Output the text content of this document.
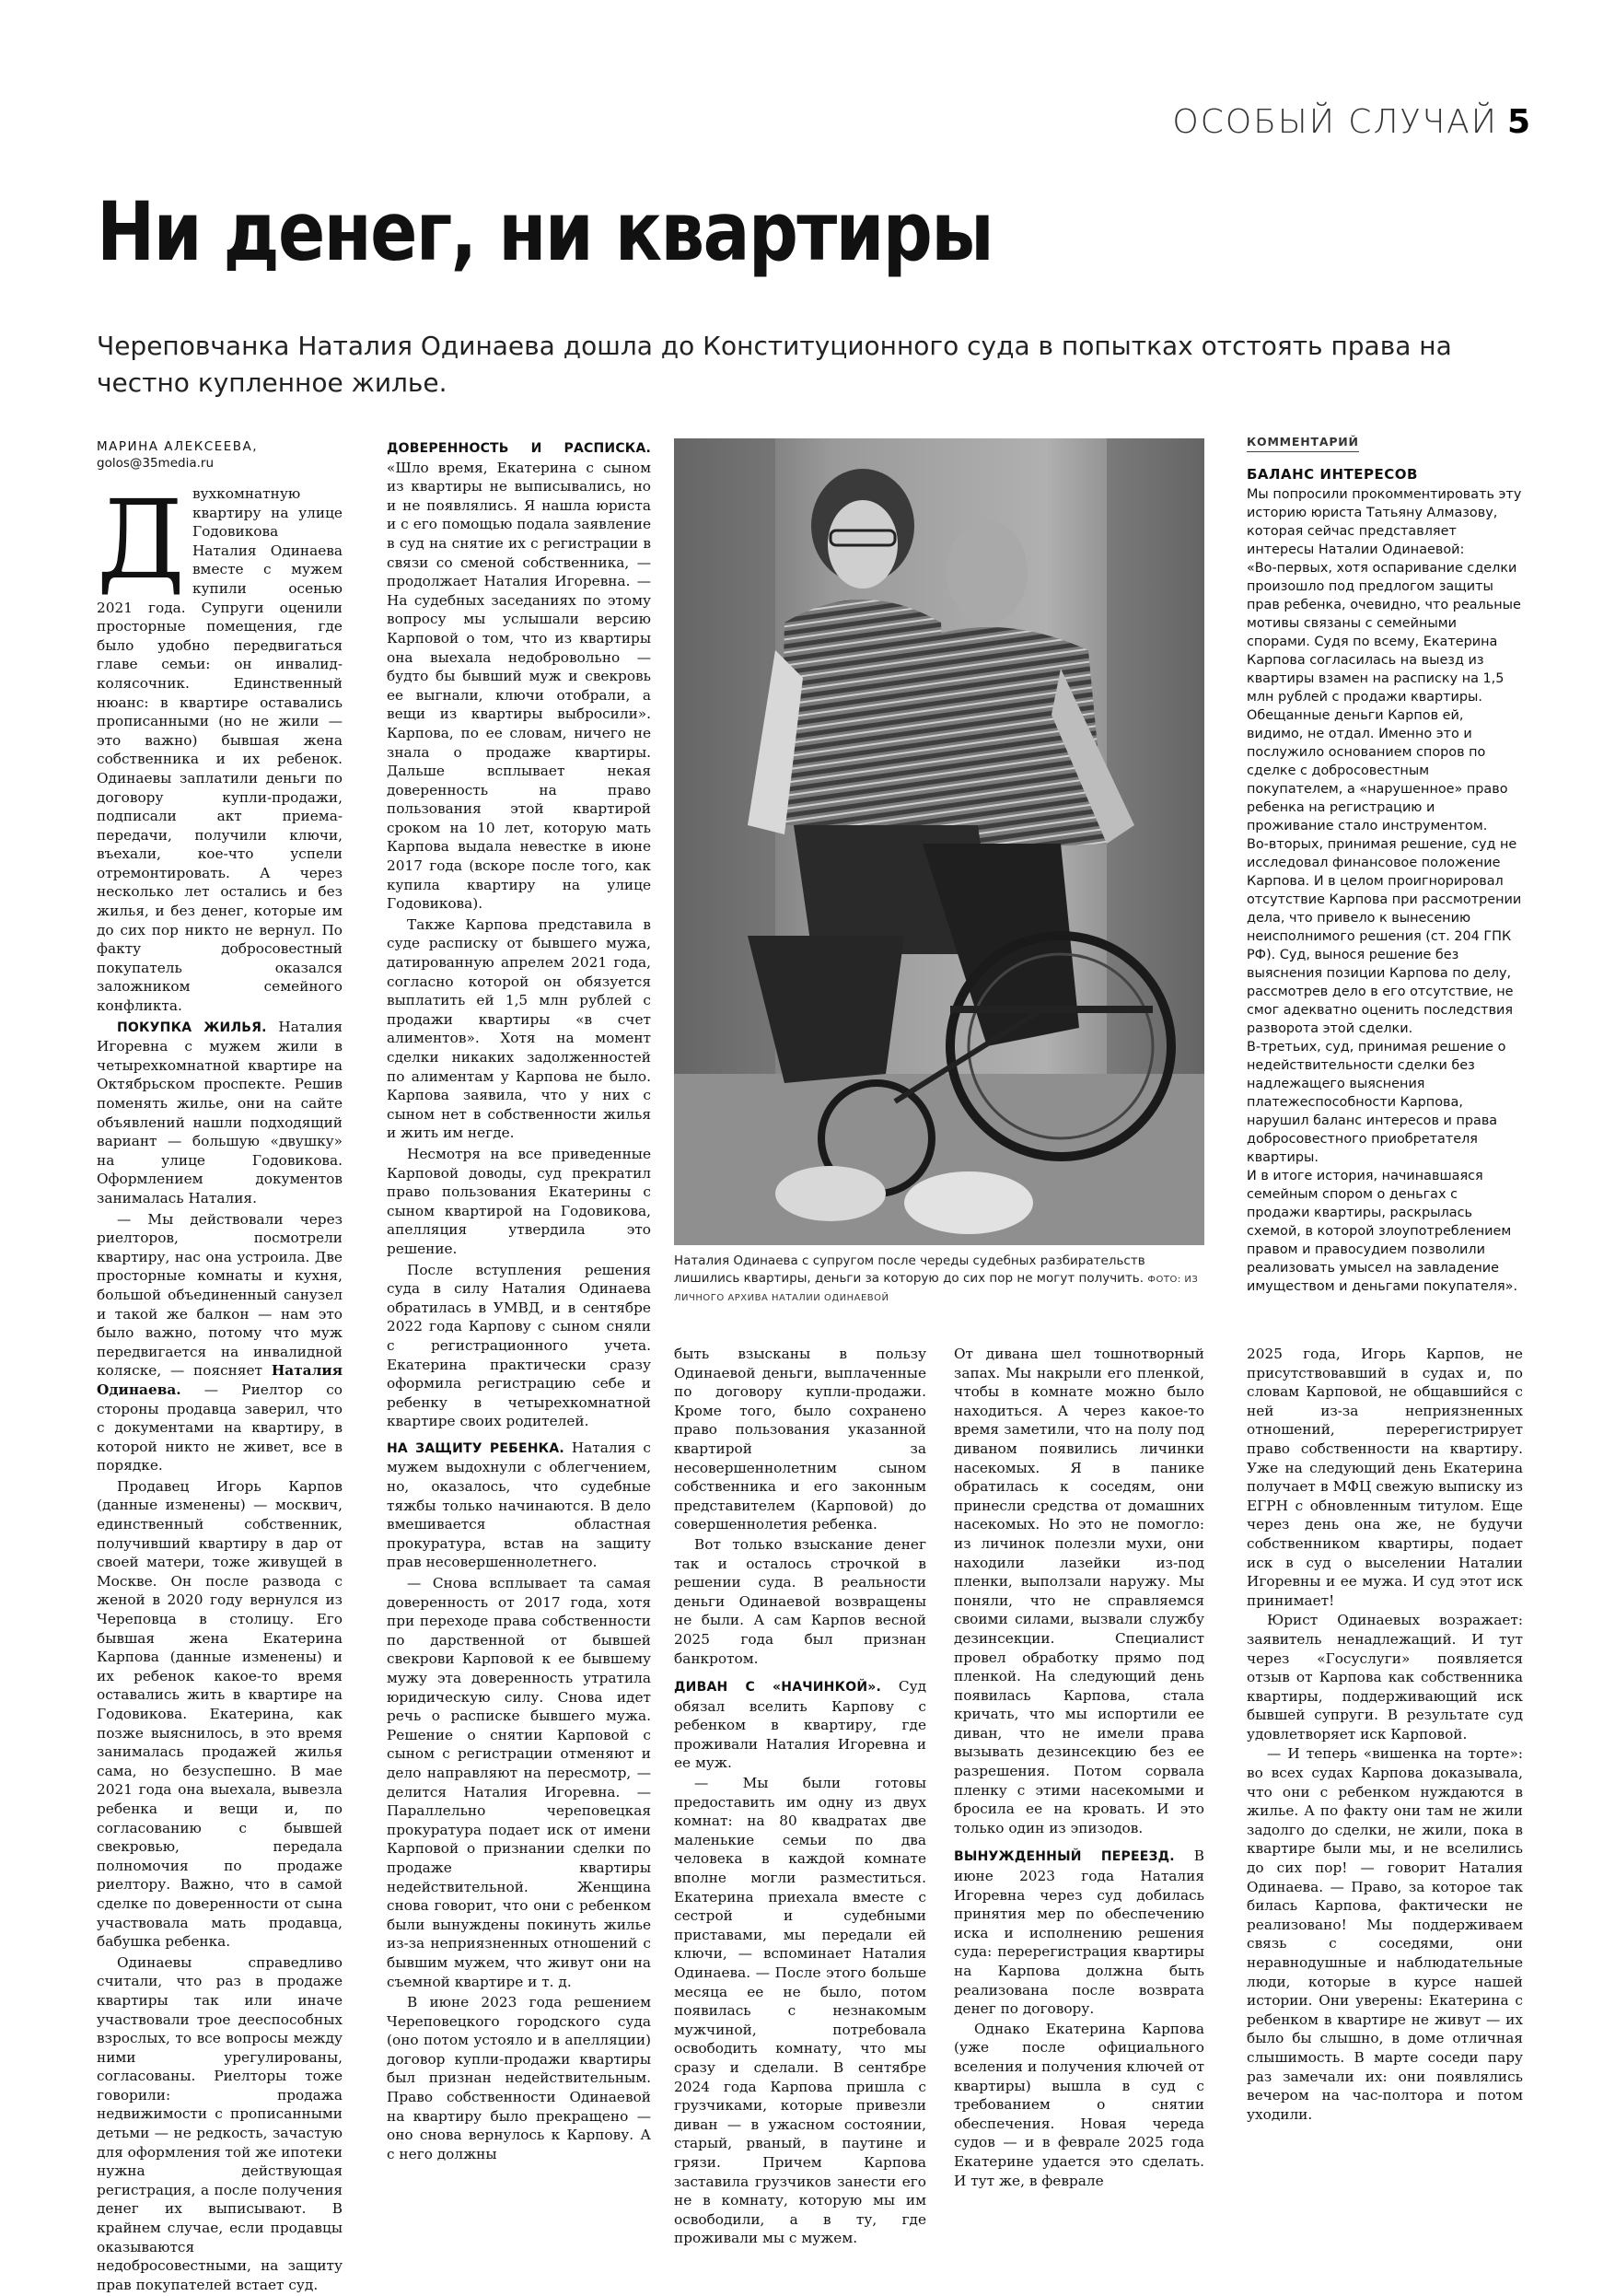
ОСОБЫЙ СЛУЧАЙ 5
Ни денег, ни квартиры

Череповчанка Наталия Одинаева дошла до Конституционного суда в попытках отстоять права на честно купленное жилье.

МАРИНА АЛЕКСЕЕВА,
golos@35media.ru

Двухкомнатную квартиру на улице Годовикова Наталия Одинаева вместе с мужем купили осенью 2021 года. Супруги оценили просторные помещения, где было удобно передвигаться главе семьи: он инвалид-колясочник. Единственный нюанс: в квартире оставались прописанными (но не жили — это важно) бывшая жена собственника и их ребенок. Одинаевы заплатили деньги по договору купли-продажи, подписали акт приема-передачи, получили ключи, въехали, кое-что успели отремонтировать. А через несколько лет остались и без жилья, и без денег, которые им до сих пор никто не вернул. По факту добросовестный покупатель оказался заложником семейного конфликта.

ПОКУПКА ЖИЛЬЯ. Наталия Игоревна с мужем жили в четырехкомнатной квартире на Октябрьском проспекте. Решив поменять жилье, они на сайте объявлений нашли подходящий вариант — большую «двушку» на улице Годовикова. Оформлением документов занималась Наталия.

— Мы действовали через риелторов, посмотрели квартиру, нас она устроила. Две просторные комнаты и кухня, большой объединенный санузел и такой же балкон — нам это было важно, потому что муж передвигается на инвалидной коляске, — поясняет Наталия Одинаева. — Риелтор со стороны продавца заверил, что с документами на квартиру, в которой никто не живет, все в порядке.

Продавец Игорь Карпов (данные изменены) — москвич, единственный собственник, получивший квартиру в дар от своей матери, тоже живущей в Москве. Он после развода с женой в 2020 году вернулся из Череповца в столицу. Его бывшая жена Екатерина Карпова (данные изменены) и их ребенок какое-то время оставались жить в квартире на Годовикова. Екатерина, как позже выяснилось, в это время занималась продажей жилья сама, но безуспешно. В мае 2021 года она выехала, вывезла ребенка и вещи и, по согласованию с бывшей свекровью, передала полномочия по продаже риелтору. Важно, что в самой сделке по доверенности от сына участвовала мать продавца, бабушка ребенка.

Одинаевы справедливо считали, что раз в продаже квартиры так или иначе участвовали трое дееспособных взрослых, то все вопросы между ними урегулированы, согласованы. Риелторы тоже говорили: продажа недвижимости с прописанными детьми — не редкость, зачастую для оформления той же ипотеки нужна действующая регистрация, а после получения денег их выписывают. В крайнем случае, если продавцы оказываются недобросовестными, на защиту прав покупателей встает суд.

ДОВЕРЕННОСТЬ И РАСПИСКА. «Шло время, Екатерина с сыном из квартиры не выписывались, но и не появлялись. Я нашла юриста и с его помощью подала заявление в суд на снятие их с регистрации в связи со сменой собственника, — продолжает Наталия Игоревна. — На судебных заседаниях по этому вопросу мы услышали версию Карповой о том, что из квартиры она выехала недобровольно — будто бы бывший муж и свекровь ее выгнали, ключи отобрали, а вещи из квартиры выбросили». Карпова, по ее словам, ничего не знала о продаже квартиры. Дальше всплывает некая доверенность на право пользования этой квартирой сроком на 10 лет, которую мать Карпова выдала невестке в июне 2017 года (вскоре после того, как купила квартиру на улице Годовикова).

Также Карпова представила в суде расписку от бывшего мужа, датированную апрелем 2021 года, согласно которой он обязуется выплатить ей 1,5 млн рублей с продажи квартиры «в счет алиментов». Хотя на момент сделки никаких задолженностей по алиментам у Карпова не было. Карпова заявила, что у них с сыном нет в собственности жилья и жить им негде.

Несмотря на все приведенные Карповой доводы, суд прекратил право пользования Екатерины с сыном квартирой на Годовикова, апелляция утвердила это решение.

После вступления решения суда в силу Наталия Одинаева обратилась в УМВД, и в сентябре 2022 года Карпову с сыном сняли с регистрационного учета. Екатерина практически сразу оформила регистрацию себе и ребенку в четырехкомнатной квартире своих родителей.

НА ЗАЩИТУ РЕБЕНКА. Наталия с мужем выдохнули с облегчением, но, оказалось, что судебные тяжбы только начинаются. В дело вмешивается областная прокуратура, встав на защиту прав несовершеннолетнего.

— Снова всплывает та самая доверенность от 2017 года, хотя при переходе права собственности по дарственной от бывшей свекрови Карповой к ее бывшему мужу эта доверенность утратила юридическую силу. Снова идет речь о расписке бывшего мужа. Решение о снятии Карповой с сыном с регистрации отменяют и дело направляют на пересмотр, — делится Наталия Игоревна. — Параллельно череповецкая прокуратура подает иск от имени Карповой о признании сделки по продаже квартиры недействительной. Женщина снова говорит, что они с ребенком были вынуждены покинуть жилье из-за неприязненных отношений с бывшим мужем, что живут они на съемной квартире и т. д.

В июне 2023 года решением Череповецкого городского суда (оно потом устояло и в апелляции) договор купли-продажи квартиры был признан недействительным. Право собственности Одинаевой на квартиру было прекращено — оно снова вернулось к Карпову. А с него должны

Наталия Одинаева с супругом после череды судебных разбирательств лишились квартиры, деньги за которую до сих пор не могут получить. ФОТО: ИЗ ЛИЧНОГО АРХИВА НАТАЛИИ ОДИНАЕВОЙ
КОММЕНТАРИЙ
БАЛАНС ИНТЕРЕСОВ

Мы попросили прокомментировать эту историю юриста Татьяну Алмазову, которая сейчас представляет интересы Наталии Одинаевой:

«Во-первых, хотя оспаривание сделки произошло под предлогом защиты прав ребенка, очевидно, что реальные мотивы связаны с семейными спорами. Судя по всему, Екатерина Карпова согласилась на выезд из квартиры взамен на расписку на 1,5 млн рублей с продажи квартиры. Обещанные деньги Карпов ей, видимо, не отдал. Именно это и послужило основанием споров по сделке с добросовестным покупателем, а «нарушенное» право ребенка на регистрацию и проживание стало инструментом.

Во-вторых, принимая решение, суд не исследовал финансовое положение Карпова. И в целом проигнорировал отсутствие Карпова при рассмотрении дела, что привело к вынесению неисполнимого решения (ст. 204 ГПК РФ). Суд, вынося решение без выяснения позиции Карпова по делу, рассмотрев дело в его отсутствие, не смог адекватно оценить последствия разворота этой сделки.

В-третьих, суд, принимая решение о недействительности сделки без надлежащего выяснения платежеспособности Карпова, нарушил баланс интересов и права добросовестного приобретателя квартиры.

И в итоге история, начинавшаяся семейным спором о деньгах с продажи квартиры, раскрылась схемой, в которой злоупотреблением правом и правосудием позволили реализовать умысел на завладение имуществом и деньгами покупателя».

быть взысканы в пользу Одинаевой деньги, выплаченные по договору купли-продажи. Кроме того, было сохранено право пользования указанной квартирой за несовершеннолетним сыном собственника и его законным представителем (Карповой) до совершеннолетия ребенка.

Вот только взыскание денег так и осталось строчкой в решении суда. В реальности деньги Одинаевой возвращены не были. А сам Карпов весной 2025 года был признан банкротом.

ДИВАН С «НАЧИНКОЙ». Суд обязал вселить Карпову с ребенком в квартиру, где проживали Наталия Игоревна и ее муж.

— Мы были готовы предоставить им одну из двух комнат: на 80 квадратах две маленькие семьи по два человека в каждой комнате вполне могли разместиться. Екатерина приехала вместе с сестрой и судебными приставами, мы передали ей ключи, — вспоминает Наталия Одинаева. — После этого больше месяца ее не было, потом появилась с незнакомым мужчиной, потребовала освободить комнату, что мы сразу и сделали. В сентябре 2024 года Карпова пришла с грузчиками, которые привезли диван — в ужасном состоянии, старый, рваный, в паутине и грязи. Причем Карпова заставила грузчиков занести его не в комнату, которую мы им освободили, а в ту, где проживали мы с мужем.

От дивана шел тошнотворный запах. Мы накрыли его пленкой, чтобы в комнате можно было находиться. А через какое-то время заметили, что на полу под диваном появились личинки насекомых. Я в панике обратилась к соседям, они принесли средства от домашних насекомых. Но это не помогло: из личинок полезли мухи, они находили лазейки из-под пленки, выползали наружу. Мы поняли, что не справляемся своими силами, вызвали службу дезинсекции. Специалист провел обработку прямо под пленкой. На следующий день появилась Карпова, стала кричать, что мы испортили ее диван, что не имели права вызывать дезинсекцию без ее разрешения. Потом сорвала пленку с этими насекомыми и бросила ее на кровать. И это только один из эпизодов.

ВЫНУЖДЕННЫЙ ПЕРЕЕЗД. В июне 2023 года Наталия Игоревна через суд добилась принятия мер по обеспечению иска и исполнению решения суда: перерегистрация квартиры на Карпова должна быть реализована после возврата денег по договору.

Однако Екатерина Карпова (уже после официального вселения и получения ключей от квартиры) вышла в суд с требованием о снятии обеспечения. Новая череда судов — и в феврале 2025 года Екатерине удается это сделать. И тут же, в феврале

2025 года, Игорь Карпов, не присутствовавший в судах и, по словам Карповой, не общавшийся с ней из-за неприязненных отношений, перерегистрирует право собственности на квартиру. Уже на следующий день Екатерина получает в МФЦ свежую выписку из ЕГРН с обновленным титулом. Еще через день она же, не будучи собственником квартиры, подает иск в суд о выселении Наталии Игоревны и ее мужа. И суд этот иск принимает!

Юрист Одинаевых возражает: заявитель ненадлежащий. И тут через «Госуслуги» появляется отзыв от Карпова как собственника квартиры, поддерживающий иск бывшей супруги. В результате суд удовлетворяет иск Карповой.

— И теперь «вишенка на торте»: во всех судах Карпова доказывала, что они с ребенком нуждаются в жилье. А по факту они там не жили задолго до сделки, не жили, пока в квартире были мы, и не вселились до сих пор! — говорит Наталия Одинаева. — Право, за которое так билась Карпова, фактически не реализовано! Мы поддерживаем связь с соседями, они неравнодушные и наблюдательные люди, которые в курсе нашей истории. Они уверены: Екатерина с ребенком в квартире не живут — их было бы слышно, в доме отличная слышимость. В марте соседи пару раз замечали их: они появлялись вечером на час-полтора и потом уходили.
